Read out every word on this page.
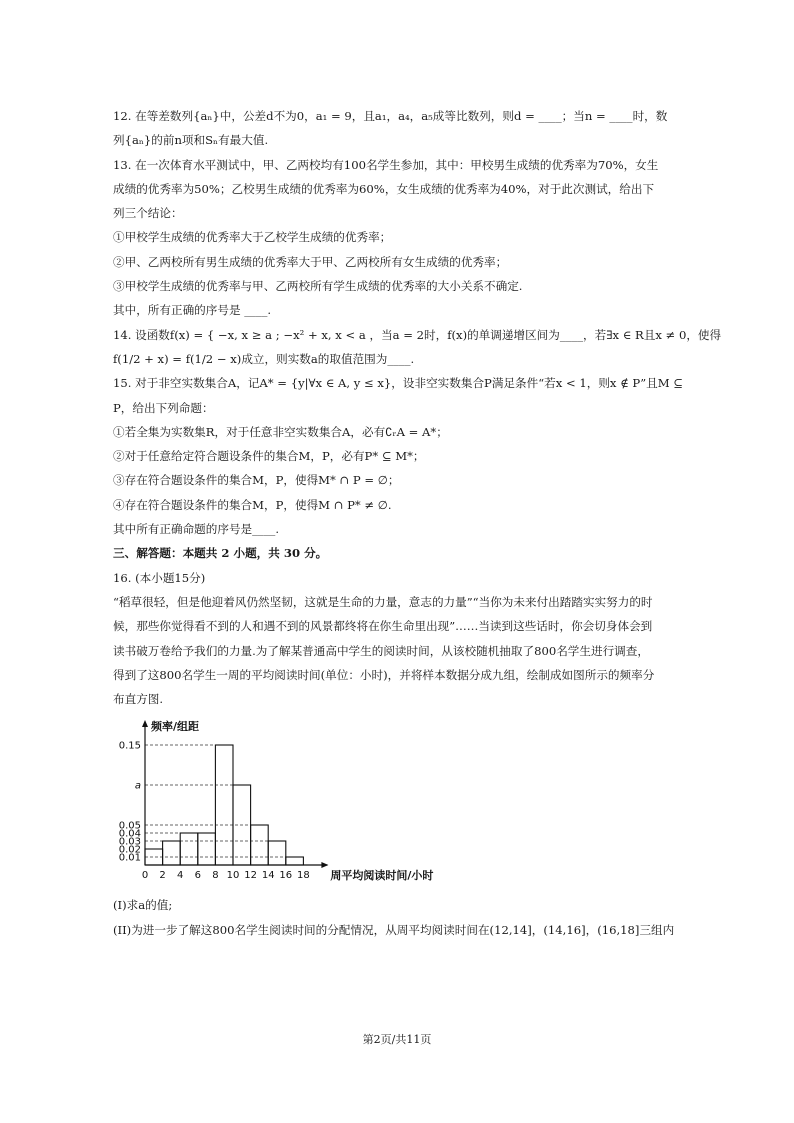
12. 在等差数列{aₙ}中，公差d不为0，a₁ = 9，且a₁，a₄，a₅成等比数列，则d = ____；当n = ____时，数

列{aₙ}的前n项和Sₙ有最大值.

13. 在一次体育水平测试中，甲、乙两校均有100名学生参加，其中：甲校男生成绩的优秀率为70%，女生

成绩的优秀率为50%；乙校男生成绩的优秀率为60%，女生成绩的优秀率为40%，对于此次测试，给出下

列三个结论：

①甲校学生成绩的优秀率大于乙校学生成绩的优秀率；

②甲、乙两校所有男生成绩的优秀率大于甲、乙两校所有女生成绩的优秀率；

③甲校学生成绩的优秀率与甲、乙两校所有学生成绩的优秀率的大小关系不确定.

其中，所有正确的序号是 ____.

14. 设函数f(x) = { −x, x ≥ a ; −x² + x, x < a ，当a = 2时，f(x)的单调递增区间为____，若∃x ∈ R且x ≠ 0，使得

f(1/2 + x) = f(1/2 − x)成立，则实数a的取值范围为____.

15. 对于非空实数集合A，记A* = {y|∀x ∈ A, y ≤ x}，设非空实数集合P满足条件“若x < 1，则x ∉ P”且M ⊆

P，给出下列命题：

①若全集为实数集R，对于任意非空实数集合A，必有∁ᵣA = A*；

②对于任意给定符合题设条件的集合M，P，必有P* ⊆ M*；

③存在符合题设条件的集合M，P，使得M* ∩ P = ∅；

④存在符合题设条件的集合M，P，使得M ∩ P* ≠ ∅.

其中所有正确命题的序号是____.

三、解答题：本题共 2 小题，共 30 分。

16. (本小题15分)

“稻草很轻，但是他迎着风仍然坚韧，这就是生命的力量，意志的力量”“当你为未来付出踏踏实实努力的时

候，那些你觉得看不到的人和遇不到的风景都终将在你生命里出现”……当读到这些话时，你会切身体会到

读书破万卷给予我们的力量.为了解某普通高中学生的阅读时间，从该校随机抽取了800名学生进行调查，

得到了这800名学生一周的平均阅读时间(单位：小时)，并将样本数据分成九组，绘制成如图所示的频率分

布直方图.

0.15
a
0.05
0.04
0.03
0.02
0.01
0 2 4 6 8 10 12 14 16 18
频率/组距
周平均阅读时间/小时

(I)求a的值;

(II)为进一步了解这800名学生阅读时间的分配情况，从周平均阅读时间在(12,14]，(14,16]，(16,18]三组内

第2页/共11页
